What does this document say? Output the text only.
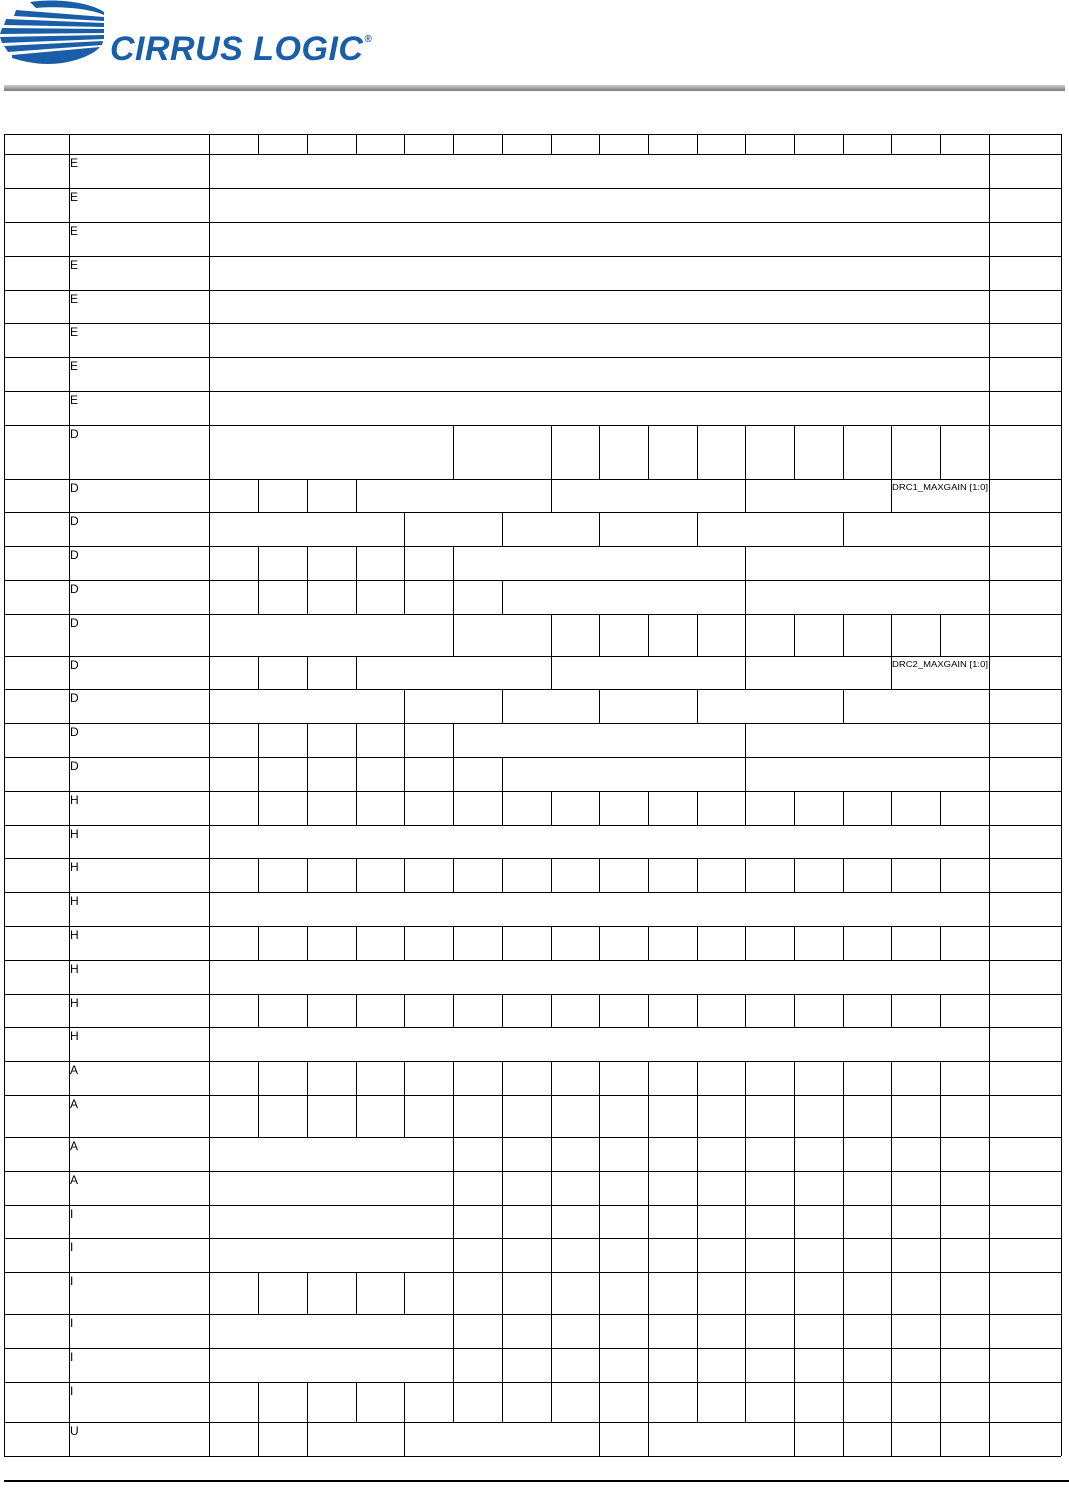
CIRRUS LOGIC®
E
E
E
E
E
E
E
E
D
D	DRC1_MAXGAIN [1:0]
D
D
D
D
D	DRC2_MAXGAIN [1:0]
D
D
D
H
H
H
H
H
H
H
H
A
A
A
A
I
I
I
I
I
I
U
